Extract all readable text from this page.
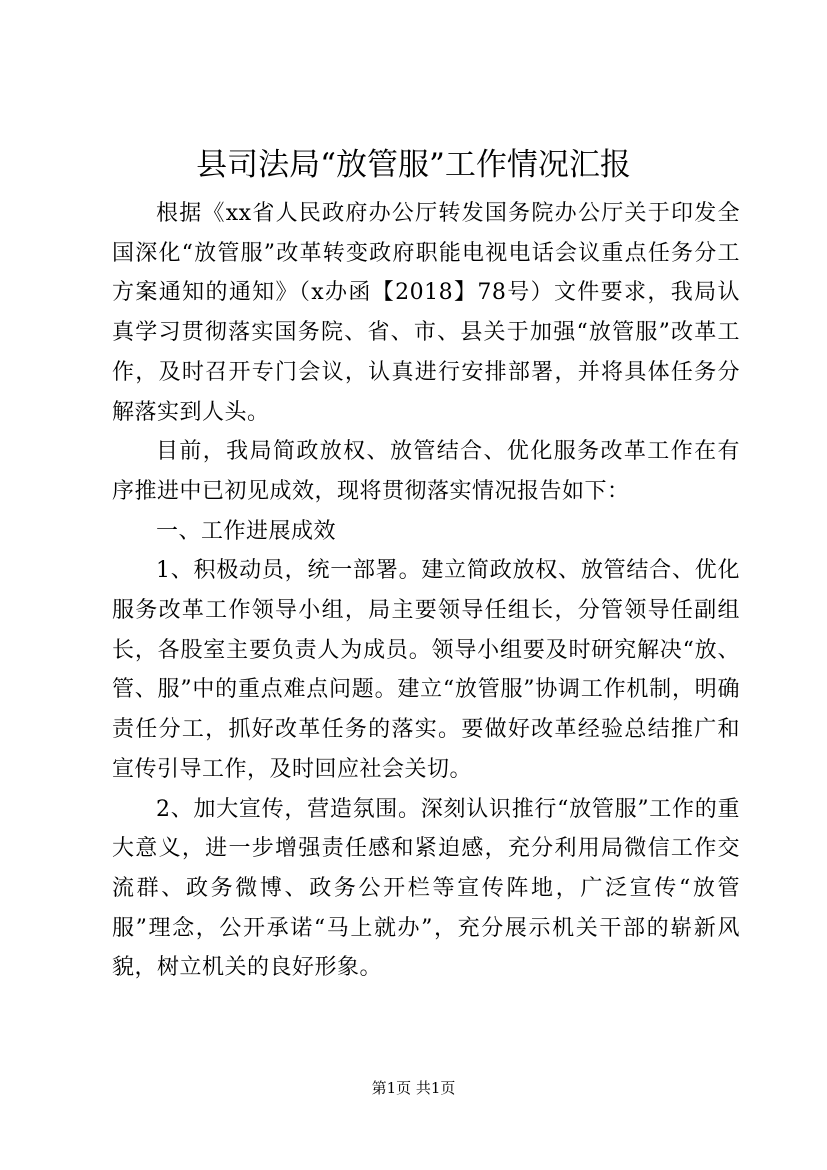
县司法局“放管服”工作情况汇报

根据《xx省人民政府办公厅转发国务院办公厅关于印发全国深化“放管服”改革转变政府职能电视电话会议重点任务分工方案通知的通知》（x办函【2018】78号）文件要求，我局认真学习贯彻落实国务院、省、市、县关于加强“放管服”改革工作，及时召开专门会议，认真进行安排部署，并将具体任务分解落实到人头。

目前，我局简政放权、放管结合、优化服务改革工作在有序推进中已初见成效，现将贯彻落实情况报告如下：

一、工作进展成效

1、积极动员，统一部署。建立简政放权、放管结合、优化服务改革工作领导小组，局主要领导任组长，分管领导任副组长，各股室主要负责人为成员。领导小组要及时研究解决“放、管、服”中的重点难点问题。建立“放管服”协调工作机制，明确责任分工，抓好改革任务的落实。要做好改革经验总结推广和宣传引导工作，及时回应社会关切。

2、加大宣传，营造氛围。深刻认识推行“放管服”工作的重大意义，进一步增强责任感和紧迫感，充分利用局微信工作交流群、政务微博、政务公开栏等宣传阵地，广泛宣传“放管服”理念，公开承诺“马上就办”，充分展示机关干部的崭新风貌，树立机关的良好形象。

第1页 共1页
